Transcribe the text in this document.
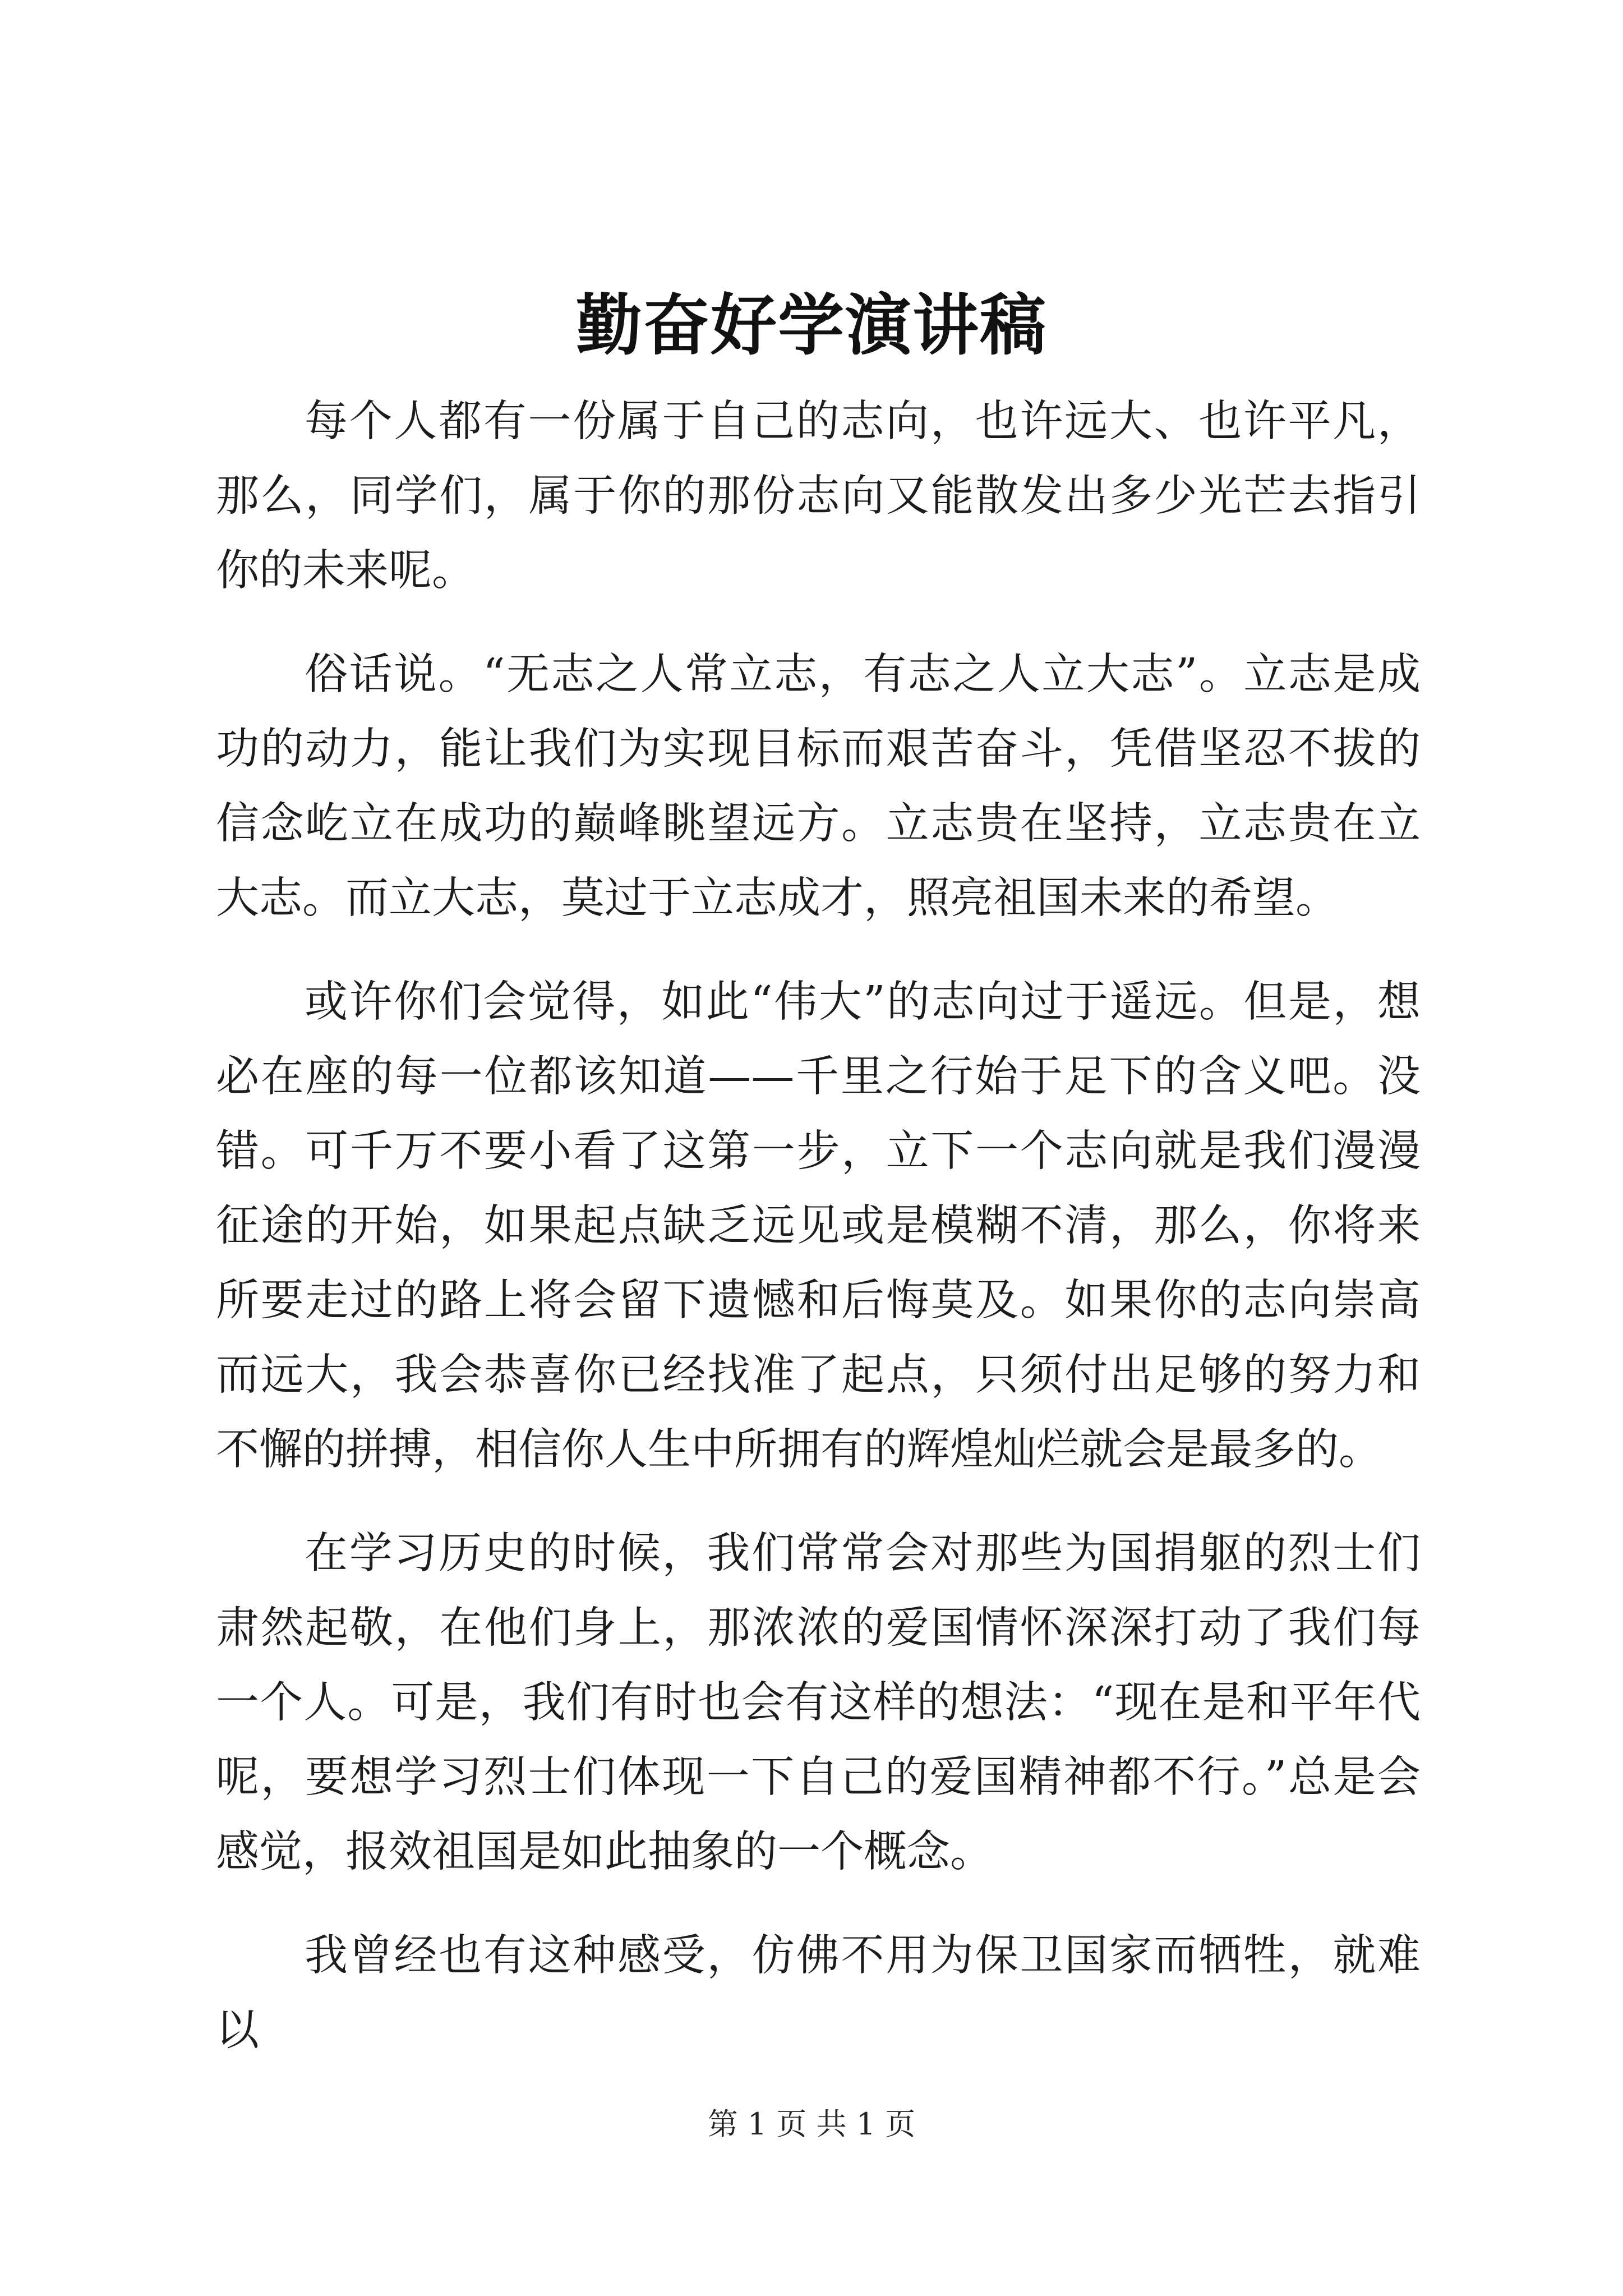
勤奋好学演讲稿

每个人都有一份属于自己的志向，也许远大、也许平凡，那么，同学们，属于你的那份志向又能散发出多少光芒去指引你的未来呢。

俗话说。“无志之人常立志，有志之人立大志”。立志是成功的动力，能让我们为实现目标而艰苦奋斗，凭借坚忍不拔的信念屹立在成功的巅峰眺望远方。立志贵在坚持，立志贵在立大志。而立大志，莫过于立志成才，照亮祖国未来的希望。

或许你们会觉得，如此“伟大”的志向过于遥远。但是，想必在座的每一位都该知道——千里之行始于足下的含义吧。没错。可千万不要小看了这第一步，立下一个志向就是我们漫漫征途的开始，如果起点缺乏远见或是模糊不清，那么，你将来所要走过的路上将会留下遗憾和后悔莫及。如果你的志向崇高而远大，我会恭喜你已经找准了起点，只须付出足够的努力和不懈的拼搏，相信你人生中所拥有的辉煌灿烂就会是最多的。

在学习历史的时候，我们常常会对那些为国捐躯的烈士们肃然起敬，在他们身上，那浓浓的爱国情怀深深打动了我们每一个人。可是，我们有时也会有这样的想法：“现在是和平年代呢，要想学习烈士们体现一下自己的爱国精神都不行。”总是会感觉，报效祖国是如此抽象的一个概念。

我曾经也有这种感受，仿佛不用为保卫国家而牺牲，就难以

第 1 页 共 1 页
